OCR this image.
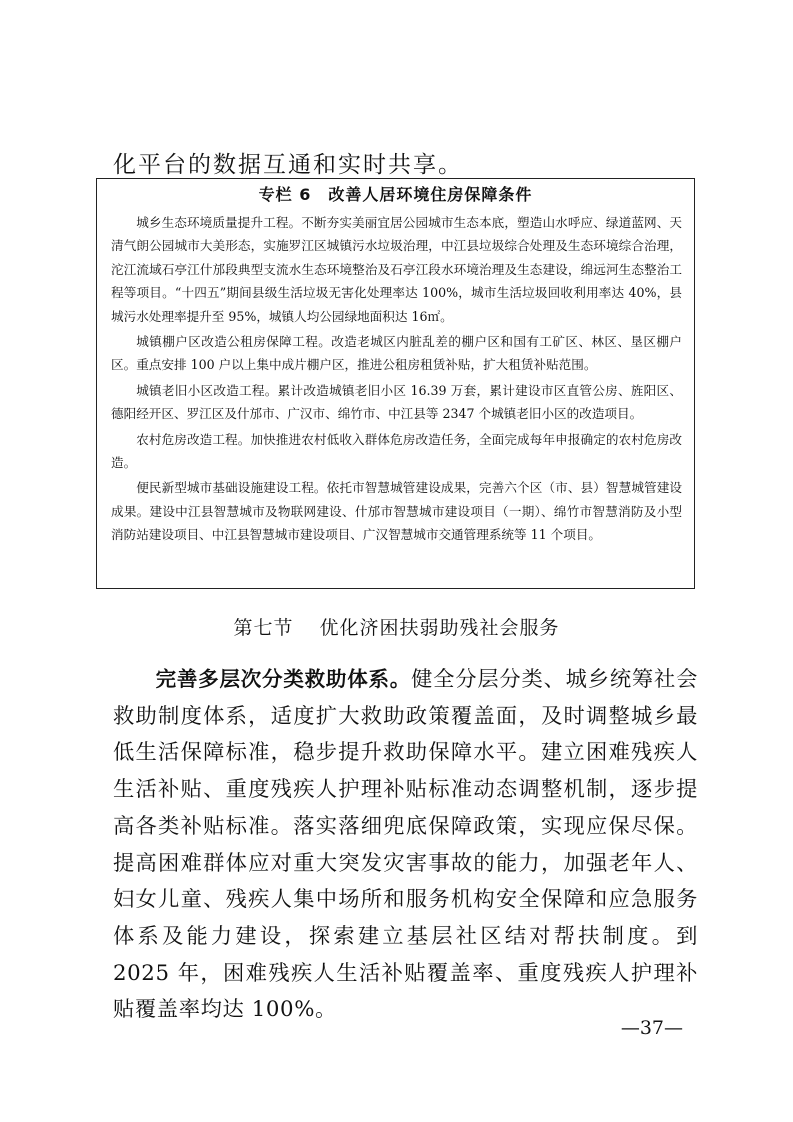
化平台的数据互通和实时共享。
专栏 6　改善人居环境住房保障条件

城乡生态环境质量提升工程。不断夯实美丽宜居公园城市生态本底，塑造山水呼应、绿道蓝网、天清气朗公园城市大美形态，实施罗江区城镇污水垃圾治理，中江县垃圾综合处理及生态环境综合治理，沱江流域石亭江什邡段典型支流水生态环境整治及石亭江段水环境治理及生态建设，绵远河生态整治工程等项目。“十四五”期间县级生活垃圾无害化处理率达 100%，城市生活垃圾回收利用率达 40%，县城污水处理率提升至 95%，城镇人均公园绿地面积达 16㎡。

城镇棚户区改造公租房保障工程。改造老城区内脏乱差的棚户区和国有工矿区、林区、垦区棚户区。重点安排 100 户以上集中成片棚户区，推进公租房租赁补贴，扩大租赁补贴范围。

城镇老旧小区改造工程。累计改造城镇老旧小区 16.39 万套，累计建设市区直管公房、旌阳区、德阳经开区、罗江区及什邡市、广汉市、绵竹市、中江县等 2347 个城镇老旧小区的改造项目。

农村危房改造工程。加快推进农村低收入群体危房改造任务，全面完成每年申报确定的农村危房改造。

便民新型城市基础设施建设工程。依托市智慧城管建设成果，完善六个区（市、县）智慧城管建设成果。建设中江县智慧城市及物联网建设、什邡市智慧城市建设项目（一期）、绵竹市智慧消防及小型消防站建设项目、中江县智慧城市建设项目、广汉智慧城市交通管理系统等 11 个项目。

第七节 优化济困扶弱助残社会服务

完善多层次分类救助体系。健全分层分类、城乡统筹社会救助制度体系，适度扩大救助政策覆盖面，及时调整城乡最低生活保障标准，稳步提升救助保障水平。建立困难残疾人生活补贴、重度残疾人护理补贴标准动态调整机制，逐步提高各类补贴标准。落实落细兜底保障政策，实现应保尽保。提高困难群体应对重大突发灾害事故的能力，加强老年人、妇女儿童、残疾人集中场所和服务机构安全保障和应急服务体系及能力建设，探索建立基层社区结对帮扶制度。到 2025 年，困难残疾人生活补贴覆盖率、重度残疾人护理补贴覆盖率均达 100%。

—37—
